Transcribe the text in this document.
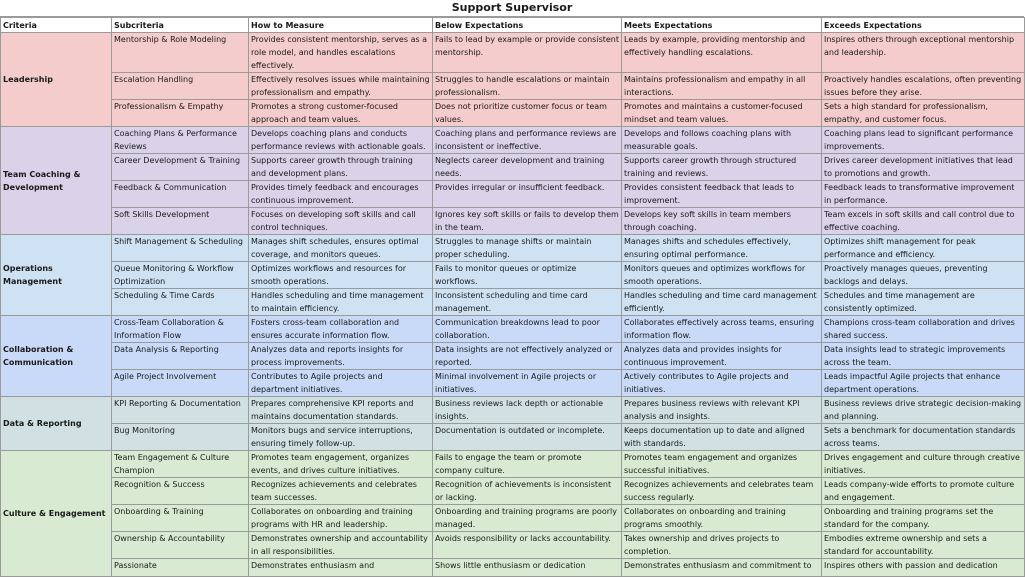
Support Supervisor
Criteria	Subcriteria	How to Measure	Below Expectations	Meets Expectations	Exceeds Expectations
Leadership	Mentorship & Role Modeling	Provides consistent mentorship, serves as a role model, and handles escalations effectively.	Fails to lead by example or provide consistent mentorship.	Leads by example, providing mentorship and effectively handling escalations.	Inspires others through exceptional mentorship and leadership.
	Escalation Handling	Effectively resolves issues while maintaining professionalism and empathy.	Struggles to handle escalations or maintain professionalism.	Maintains professionalism and empathy in all interactions.	Proactively handles escalations, often preventing issues before they arise.
	Professionalism & Empathy	Promotes a strong customer-focused approach and team values.	Does not prioritize customer focus or team values.	Promotes and maintains a customer-focused mindset and team values.	Sets a high standard for professionalism, empathy, and customer focus.
Team Coaching & Development	Coaching Plans & Performance Reviews	Develops coaching plans and conducts performance reviews with actionable goals.	Coaching plans and performance reviews are inconsistent or ineffective.	Develops and follows coaching plans with measurable goals.	Coaching plans lead to significant performance improvements.
	Career Development & Training	Supports career growth through training and development plans.	Neglects career development and training needs.	Supports career growth through structured training and reviews.	Drives career development initiatives that lead to promotions and growth.
	Feedback & Communication	Provides timely feedback and encourages continuous improvement.	Provides irregular or insufficient feedback.	Provides consistent feedback that leads to improvement.	Feedback leads to transformative improvement in performance.
	Soft Skills Development	Focuses on developing soft skills and call control techniques.	Ignores key soft skills or fails to develop them in the team.	Develops key soft skills in team members through coaching.	Team excels in soft skills and call control due to effective coaching.
Operations Management	Shift Management & Scheduling	Manages shift schedules, ensures optimal coverage, and monitors queues.	Struggles to manage shifts or maintain proper scheduling.	Manages shifts and schedules effectively, ensuring optimal performance.	Optimizes shift management for peak performance and efficiency.
	Queue Monitoring & Workflow Optimization	Optimizes workflows and resources for smooth operations.	Fails to monitor queues or optimize workflows.	Monitors queues and optimizes workflows for smooth operations.	Proactively manages queues, preventing backlogs and delays.
	Scheduling & Time Cards	Handles scheduling and time management to maintain efficiency.	Inconsistent scheduling and time card management.	Handles scheduling and time card management efficiently.	Schedules and time management are consistently optimized.
Collaboration & Communication	Cross-Team Collaboration & Information Flow	Fosters cross-team collaboration and ensures accurate information flow.	Communication breakdowns lead to poor collaboration.	Collaborates effectively across teams, ensuring information flow.	Champions cross-team collaboration and drives shared success.
	Data Analysis & Reporting	Analyzes data and reports insights for process improvements.	Data insights are not effectively analyzed or reported.	Analyzes data and provides insights for continuous improvement.	Data insights lead to strategic improvements across the team.
	Agile Project Involvement	Contributes to Agile projects and department initiatives.	Minimal involvement in Agile projects or initiatives.	Actively contributes to Agile projects and initiatives.	Leads impactful Agile projects that enhance department operations.
Data & Reporting	KPI Reporting & Documentation	Prepares comprehensive KPI reports and maintains documentation standards.	Business reviews lack depth or actionable insights.	Prepares business reviews with relevant KPI analysis and insights.	Business reviews drive strategic decision-making and planning.
	Bug Monitoring	Monitors bugs and service interruptions, ensuring timely follow-up.	Documentation is outdated or incomplete.	Keeps documentation up to date and aligned with standards.	Sets a benchmark for documentation standards across teams.
Culture & Engagement	Team Engagement & Culture Champion	Promotes team engagement, organizes events, and drives culture initiatives.	Fails to engage the team or promote company culture.	Promotes team engagement and organizes successful initiatives.	Drives engagement and culture through creative initiatives.
	Recognition & Success	Recognizes achievements and celebrates team successes.	Recognition of achievements is inconsistent or lacking.	Recognizes achievements and celebrates team success regularly.	Leads company-wide efforts to promote culture and engagement.
	Onboarding & Training	Collaborates on onboarding and training programs with HR and leadership.	Onboarding and training programs are poorly managed.	Collaborates on onboarding and training programs smoothly.	Onboarding and training programs set the standard for the company.
	Ownership & Accountability	Demonstrates ownership and accountability in all responsibilities.	Avoids responsibility or lacks accountability.	Takes ownership and drives projects to completion.	Embodies extreme ownership and sets a standard for accountability.
	Passionate	Demonstrates enthusiasm and	Shows little enthusiasm or dedication	Demonstrates enthusiasm and commitment to	Inspires others with passion and dedication
